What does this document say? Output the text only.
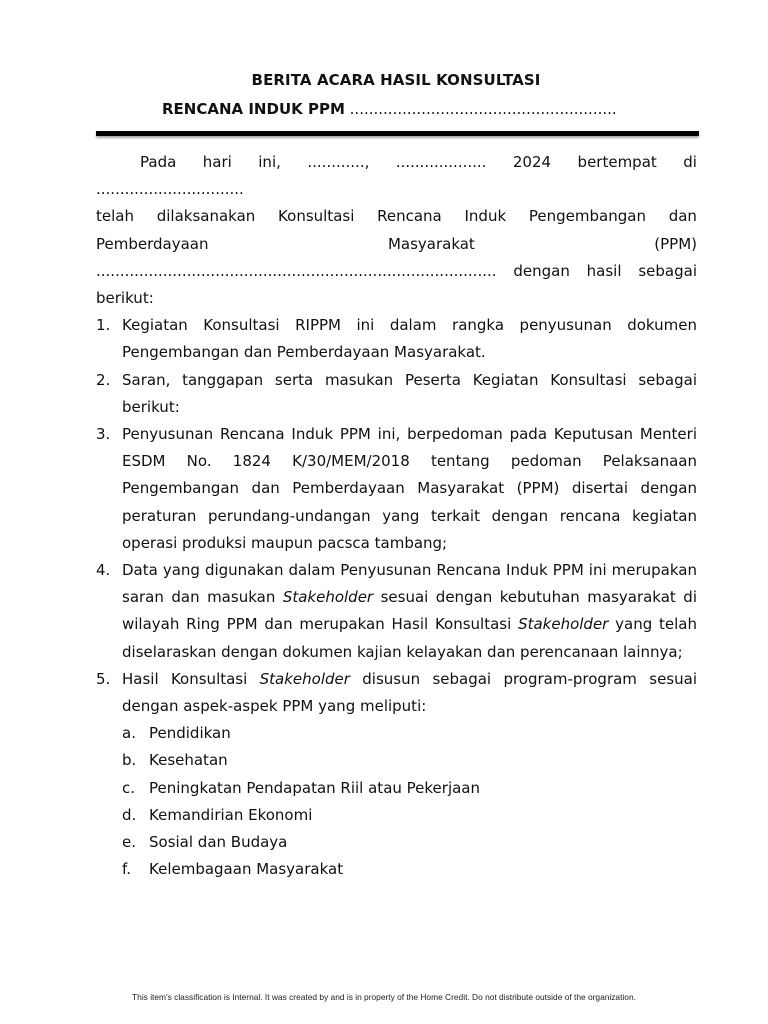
BERITA ACARA HASIL KONSULTASI
RENCANA INDUK PPM ........................................................
Pada hari ini, ............, ................... 2024 bertempat di
...............................
telah dilaksanakan Konsultasi Rencana Induk Pengembangan dan
Pemberdayaan	Masyarakat	(PPM)
.................................................................................... dengan hasil sebagai
berikut:
1. Kegiatan Konsultasi RIPPM ini dalam rangka penyusunan dokumen Pengembangan dan Pemberdayaan Masyarakat.
2. Saran, tanggapan serta masukan Peserta Kegiatan Konsultasi sebagai berikut:
3. Penyusunan Rencana Induk PPM ini, berpedoman pada Keputusan Menteri ESDM No. 1824 K/30/MEM/2018 tentang pedoman Pelaksanaan Pengembangan dan Pemberdayaan Masyarakat (PPM) disertai dengan peraturan perundang-undangan yang terkait dengan rencana kegiatan operasi produksi maupun pacsca tambang;
4. Data yang digunakan dalam Penyusunan Rencana Induk PPM ini merupakan saran dan masukan Stakeholder sesuai dengan kebutuhan masyarakat di wilayah Ring PPM dan merupakan Hasil Konsultasi Stakeholder yang telah diselaraskan dengan dokumen kajian kelayakan dan perencanaan lainnya;
5. Hasil Konsultasi Stakeholder disusun sebagai program-program sesuai dengan aspek-aspek PPM yang meliputi:
a. Pendidikan
b. Kesehatan
c. Peningkatan Pendapatan Riil atau Pekerjaan
d. Kemandirian Ekonomi
e. Sosial dan Budaya
f. Kelembagaan Masyarakat
This item's classification is Internal. It was created by and is in property of the Home Credit. Do not distribute outside of the organization.
